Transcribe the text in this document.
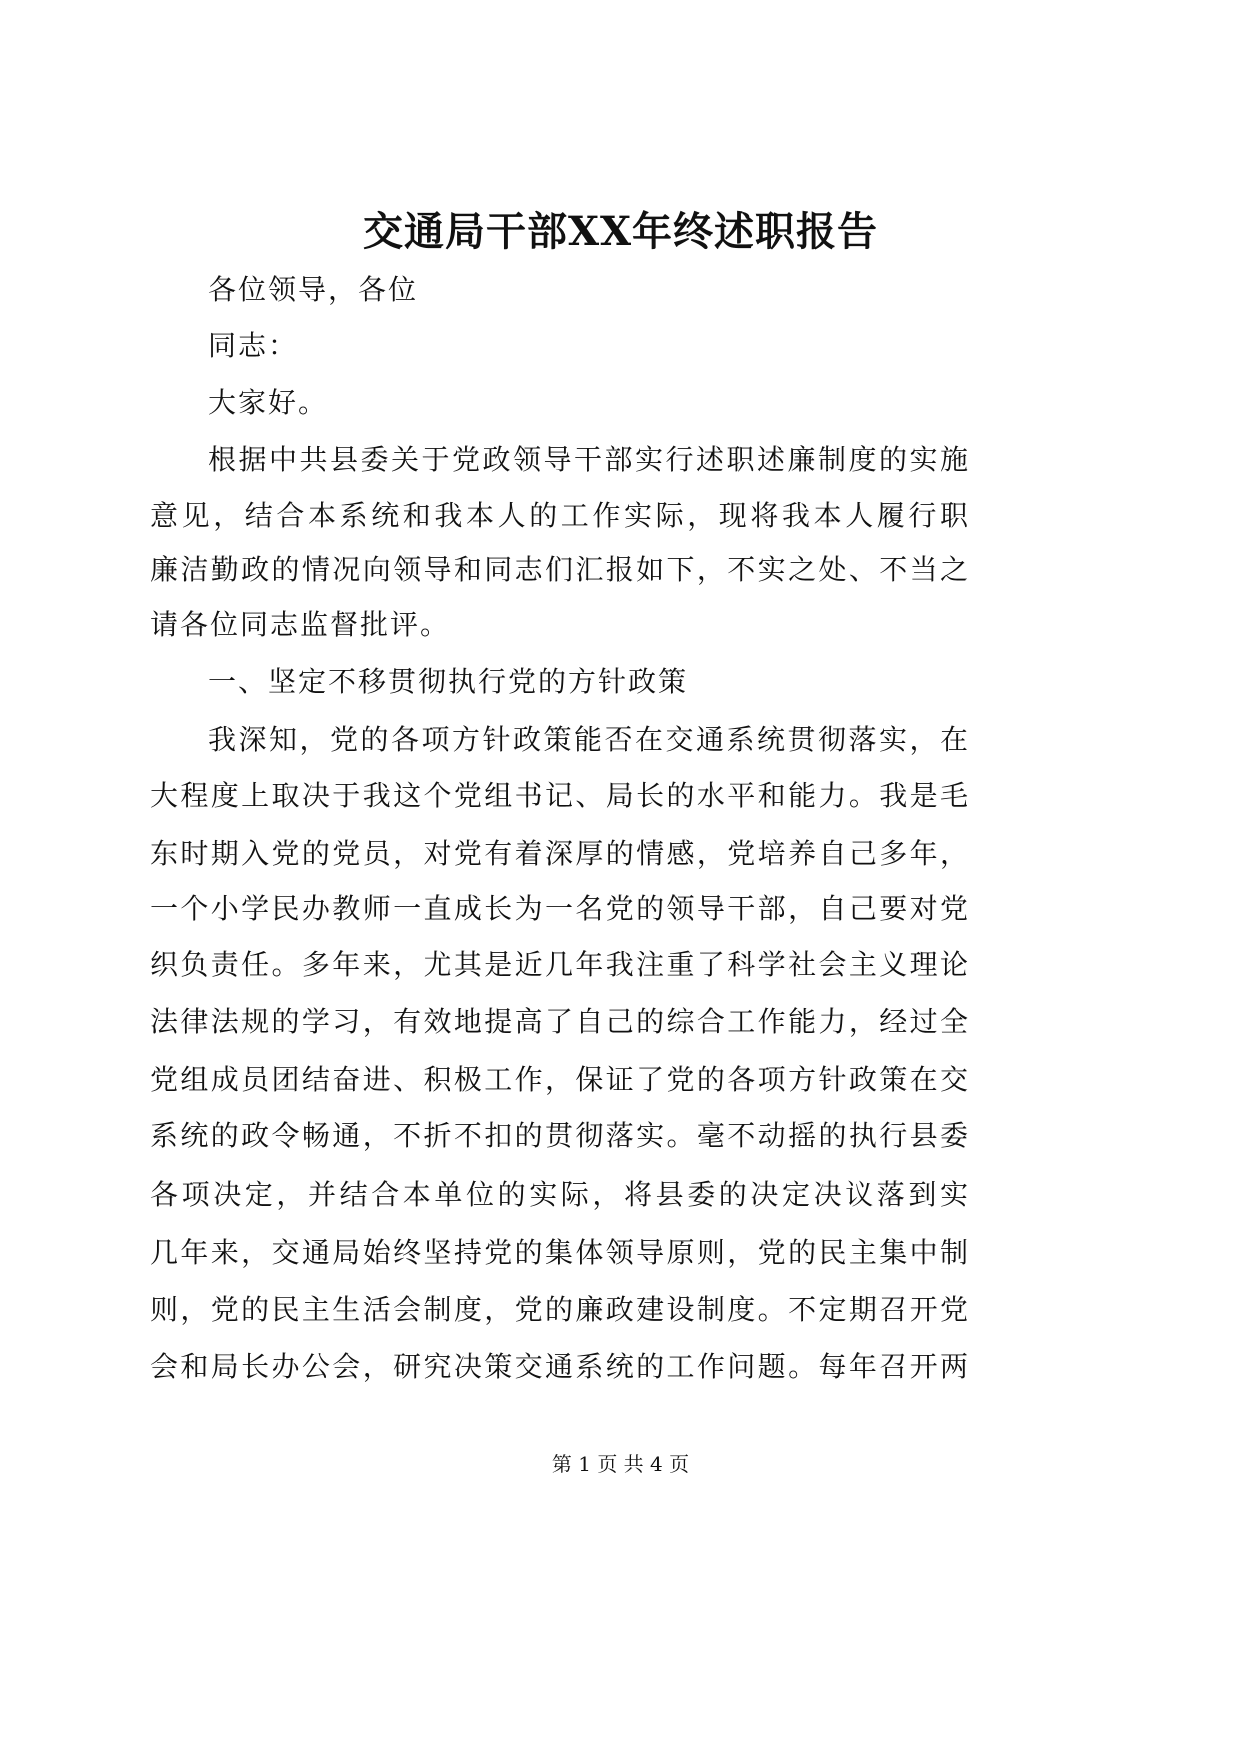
交通局干部XX年终述职报告
各位领导，各位
同志：
大家好。
根据中共县委关于党政领导干部实行述职述廉制度的实施
意见，结合本系统和我本人的工作实际，现将我本人履行职
廉洁勤政的情况向领导和同志们汇报如下，不实之处、不当之
请各位同志监督批评。
一、坚定不移贯彻执行党的方针政策
我深知，党的各项方针政策能否在交通系统贯彻落实，在
大程度上取决于我这个党组书记、局长的水平和能力。我是毛
东时期入党的党员，对党有着深厚的情感，党培养自己多年，
一个小学民办教师一直成长为一名党的领导干部，自己要对党
织负责任。多年来，尤其是近几年我注重了科学社会主义理论
法律法规的学习，有效地提高了自己的综合工作能力，经过全
党组成员团结奋进、积极工作，保证了党的各项方针政策在交
系统的政令畅通，不折不扣的贯彻落实。毫不动摇的执行县委
各项决定，并结合本单位的实际，将县委的决定决议落到实
几年来，交通局始终坚持党的集体领导原则，党的民主集中制
则，党的民主生活会制度，党的廉政建设制度。不定期召开党
会和局长办公会，研究决策交通系统的工作问题。每年召开两
第 1 页 共 4 页
